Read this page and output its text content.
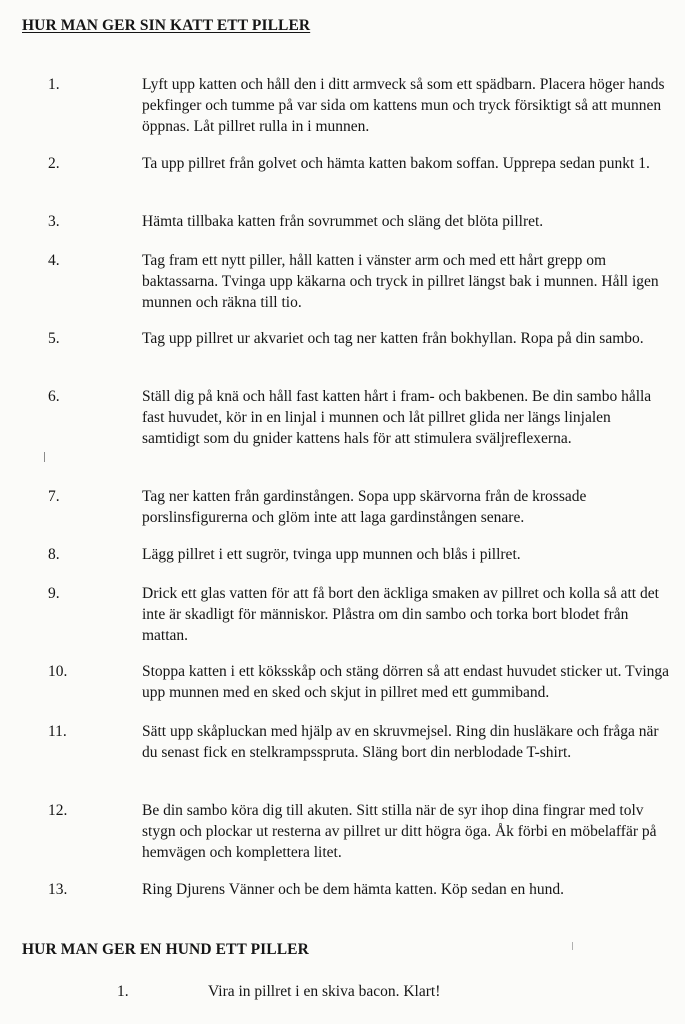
HUR MAN GER SIN KATT ETT PILLER
1.	Lyft upp katten och håll den i ditt armveck så som ett spädbarn. Placera höger hands pekfinger och tumme på var sida om kattens mun och tryck försiktigt så att munnen öppnas. Låt pillret rulla in i munnen.
2.	Ta upp pillret från golvet och hämta katten bakom soffan. Upprepa sedan punkt 1.
3.	Hämta tillbaka katten från sovrummet och släng det blöta pillret.
4.	Tag fram ett nytt piller, håll katten i vänster arm och med ett hårt grepp om baktassarna. Tvinga upp käkarna och tryck in pillret längst bak i munnen. Håll igen munnen och räkna till tio.
5.	Tag upp pillret ur akvariet och tag ner katten från bokhyllan. Ropa på din sambo.
6.	Ställ dig på knä och håll fast katten hårt i fram- och bakbenen. Be din sambo hålla fast huvudet, kör in en linjal i munnen och låt pillret glida ner längs linjalen samtidigt som du gnider kattens hals för att stimulera sväljreflexerna.
7.	Tag ner katten från gardinstången. Sopa upp skärvorna från de krossade porslinsfigurerna och glöm inte att laga gardinstången senare.
8.	Lägg pillret i ett sugrör, tvinga upp munnen och blås i pillret.
9.	Drick ett glas vatten för att få bort den äckliga smaken av pillret och kolla så att det inte är skadligt för människor. Plåstra om din sambo och torka bort blodet från mattan.
10.	Stoppa katten i ett köksskåp och stäng dörren så att endast huvudet sticker ut. Tvinga upp munnen med en sked och skjut in pillret med ett gummiband.
11.	Sätt upp skåpluckan med hjälp av en skruvmejsel. Ring din husläkare och fråga när du senast fick en stelkrampsspruta. Släng bort din nerblodade T-shirt.
12.	Be din sambo köra dig till akuten. Sitt stilla när de syr ihop dina fingrar med tolv stygn och plockar ut resterna av pillret ur ditt högra öga. Åk förbi en möbelaffär på hemvägen och komplettera litet.
13.	Ring Djurens Vänner och be dem hämta katten. Köp sedan en hund.
HUR MAN GER EN HUND ETT PILLER
1.	Vira in pillret i en skiva bacon. Klart!
